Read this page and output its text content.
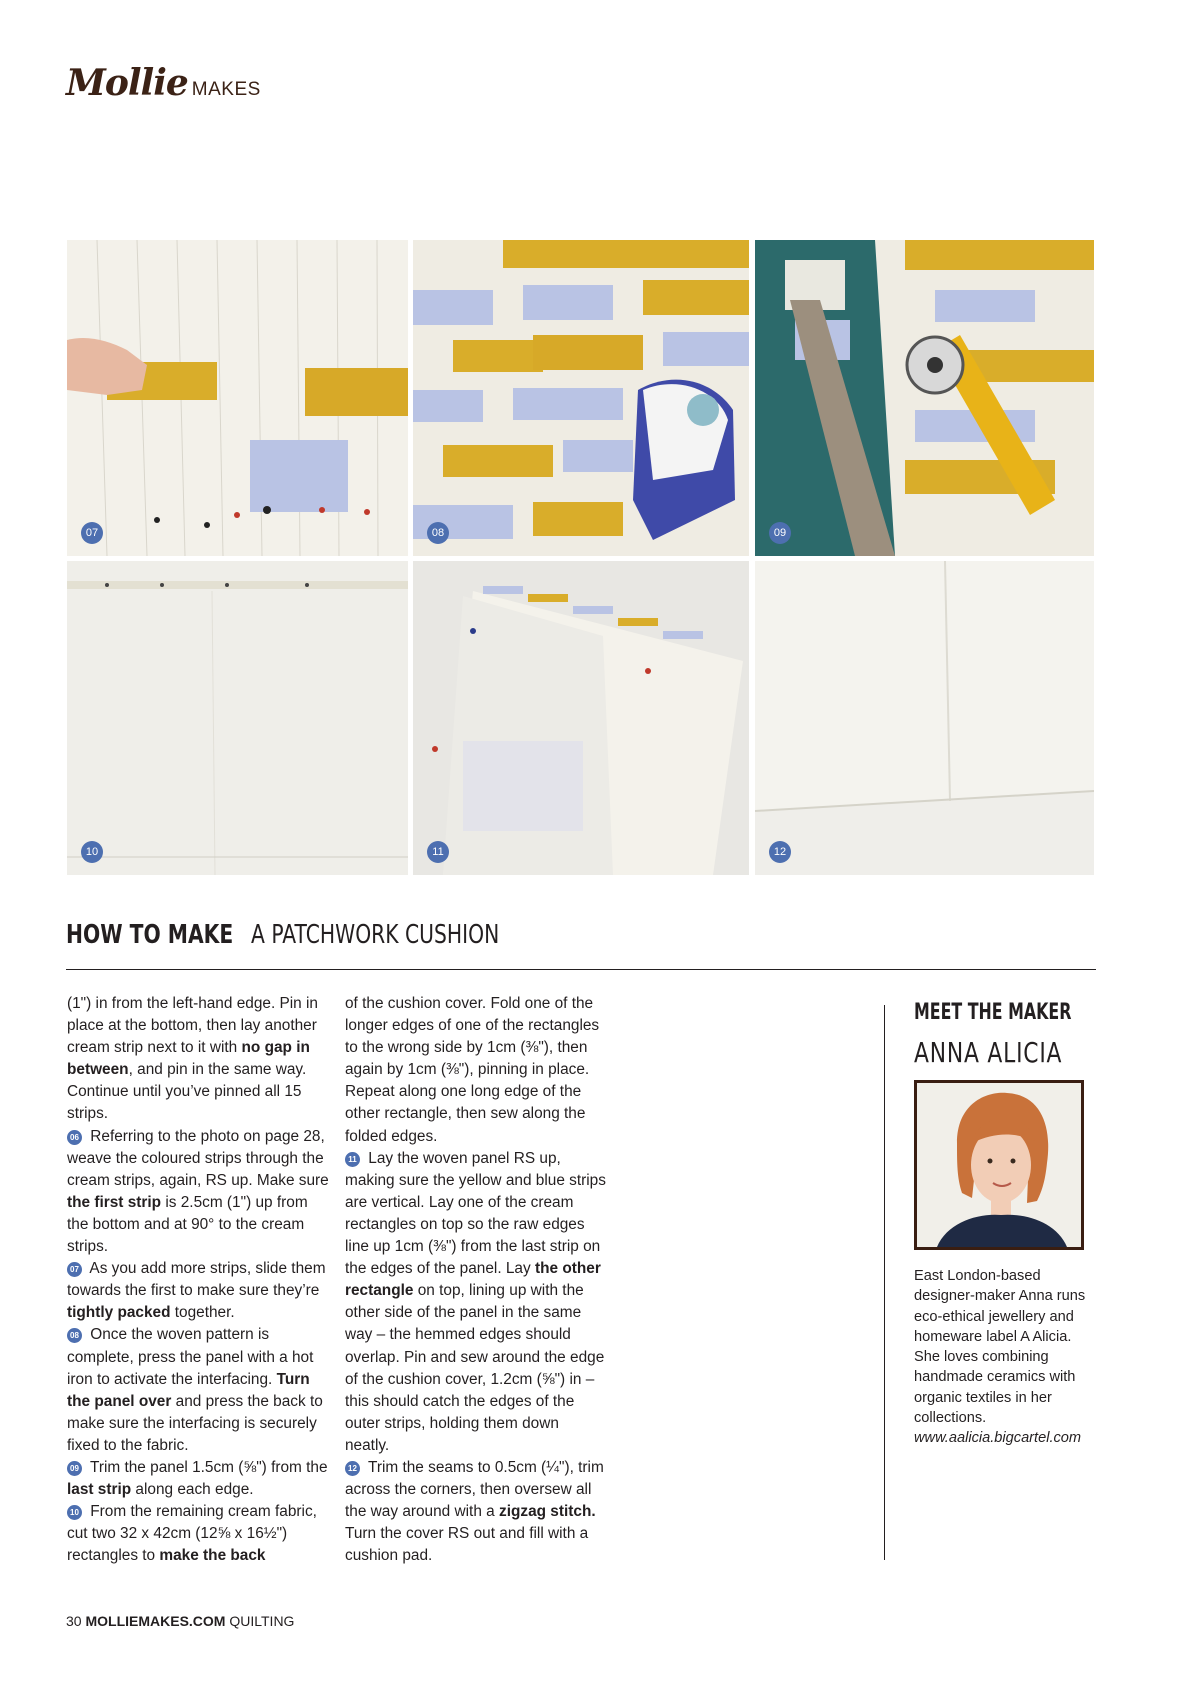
Mollie MAKES
07	08	09
10	11	12
HOW TO MAKE A PATCHWORK CUSHION

(1") in from the left-hand edge. Pin in place at the bottom, then lay another cream strip next to it with no gap in between, and pin in the same way. Continue until you’ve pinned all 15 strips.
06 Referring to the photo on page 28, weave the coloured strips through the cream strips, again, RS up. Make sure the first strip is 2.5cm (1") up from the bottom and at 90° to the cream strips.
07 As you add more strips, slide them towards the first to make sure they’re tightly packed together.
08 Once the woven pattern is complete, press the panel with a hot iron to activate the interfacing. Turn the panel over and press the back to make sure the interfacing is securely fixed to the fabric.
09 Trim the panel 1.5cm (⅝") from the last strip along each edge.
10 From the remaining cream fabric, cut two 32 x 42cm (12⅝ x 16½") rectangles to make the back

of the cushion cover. Fold one of the longer edges of one of the rectangles to the wrong side by 1cm (⅜"), then again by 1cm (⅜"), pinning in place. Repeat along one long edge of the other rectangle, then sew along the folded edges.
11 Lay the woven panel RS up, making sure the yellow and blue strips are vertical. Lay one of the cream rectangles on top so the raw edges line up 1cm (⅜") from the last strip on the edges of the panel. Lay the other rectangle on top, lining up with the other side of the panel in the same way – the hemmed edges should overlap. Pin and sew around the edge of the cushion cover, 1.2cm (⅝") in – this should catch the edges of the outer strips, holding them down neatly.
12 Trim the seams to 0.5cm (¼"), trim across the corners, then oversew all the way around with a zigzag stitch. Turn the cover RS out and fill with a cushion pad.

MEET THE MAKER
ANNA ALICIA
East London-based designer-maker Anna runs eco-ethical jewellery and homeware label A Alicia. She loves combining handmade ceramics with organic textiles in her collections.
www.aalicia.bigcartel.com
30 MOLLIEMAKES.COM QUILTING
